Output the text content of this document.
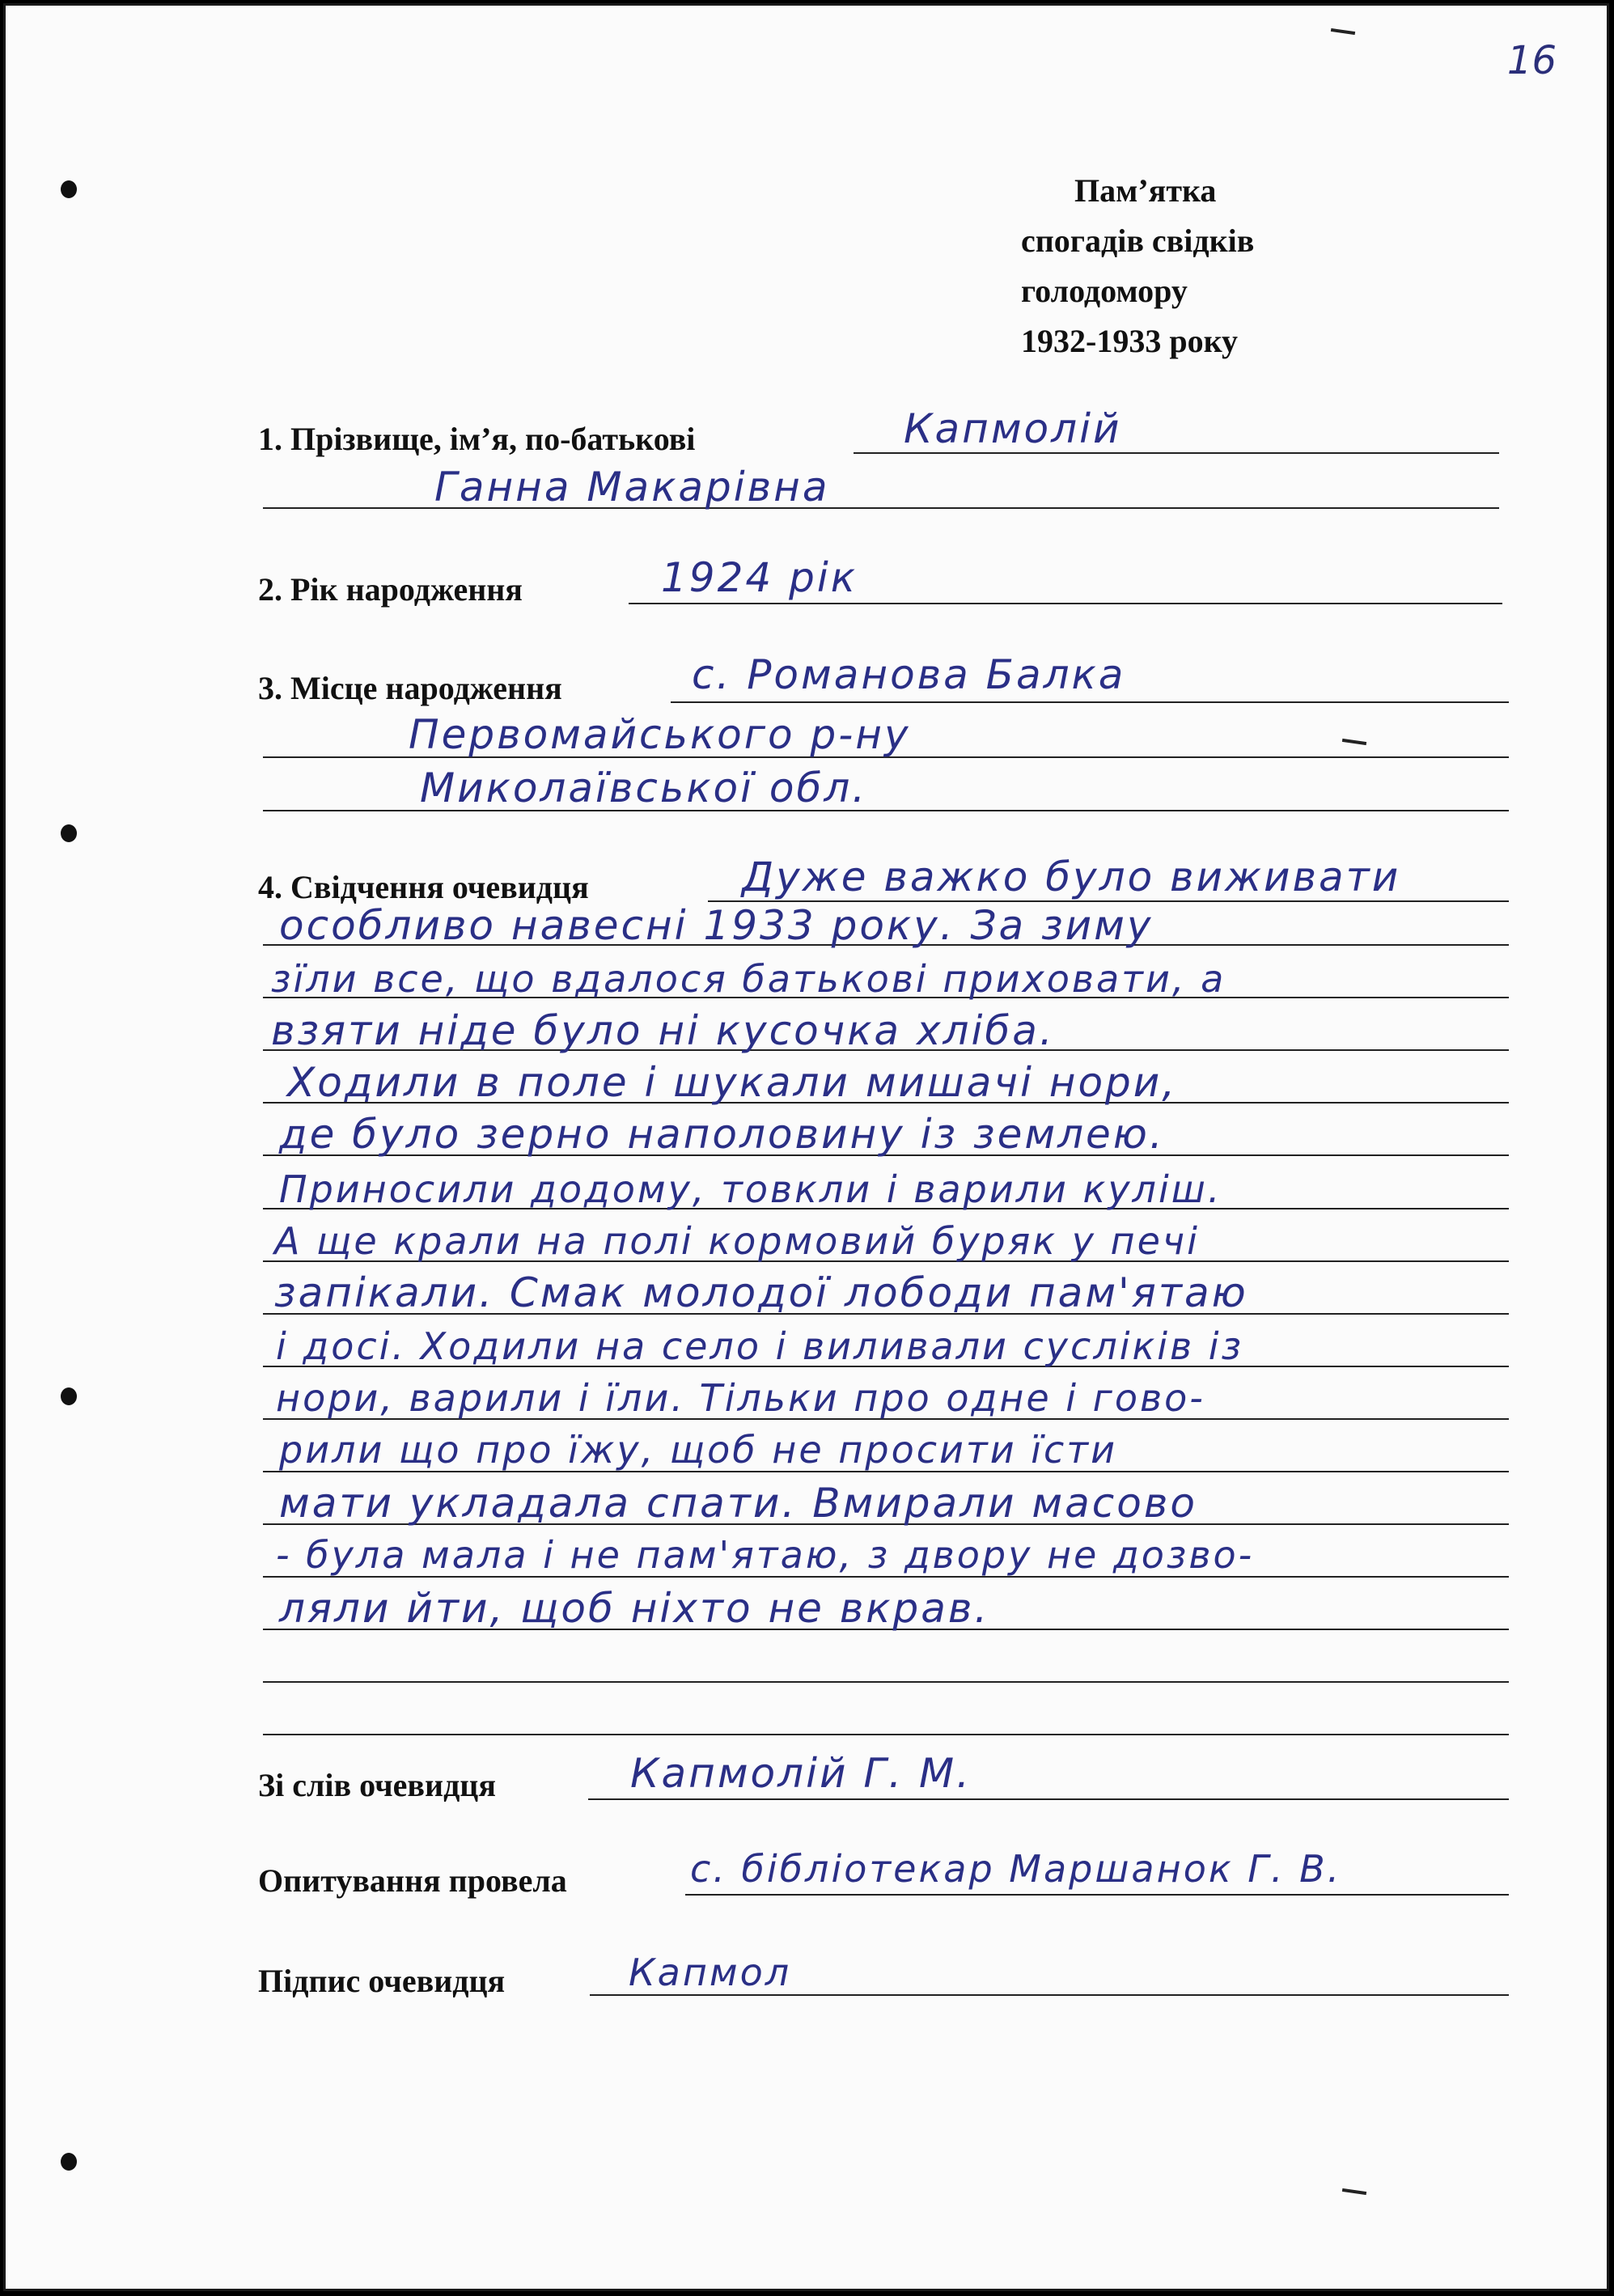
16
Пам’ятка
спогадів свідків
голодомору
1932-1933 року
1. Прізвище, ім’я, по-батькові	Капмолій
Ганна Макарівна
2. Рік народження	1924 рік
3. Місце народження	с. Романова Балка
Первомайського р-ну
Миколаївської обл.
4. Свідчення очевидця	Дуже важко було виживати
особливо навесні 1933 року. За зиму
зїли все, що вдалося батькові приховати, а
взяти ніде було ні кусочка хліба.
Ходили в поле і шукали мишачі нори,
де було зерно наполовину із землею.
Приносили додому, товкли і варили куліш.
А ще крали на полі кормовий буряк у печі
запікали. Смак молодої лободи пам'ятаю
і досі. Ходили на село і виливали сусліків із
нори, варили і їли. Тільки про одне і гово-
рили що про їжу, щоб не просити їсти
мати укладала спати. Вмирали масово
- була мала і не пам'ятаю, з двору не дозво-
ляли йти, щоб ніхто не вкрав.
Зі слів очевидця	Капмолій Г. М.
Опитування провела	с. бібліотекар Маршанок Г. В.
Підпис очевидця	Капмол
